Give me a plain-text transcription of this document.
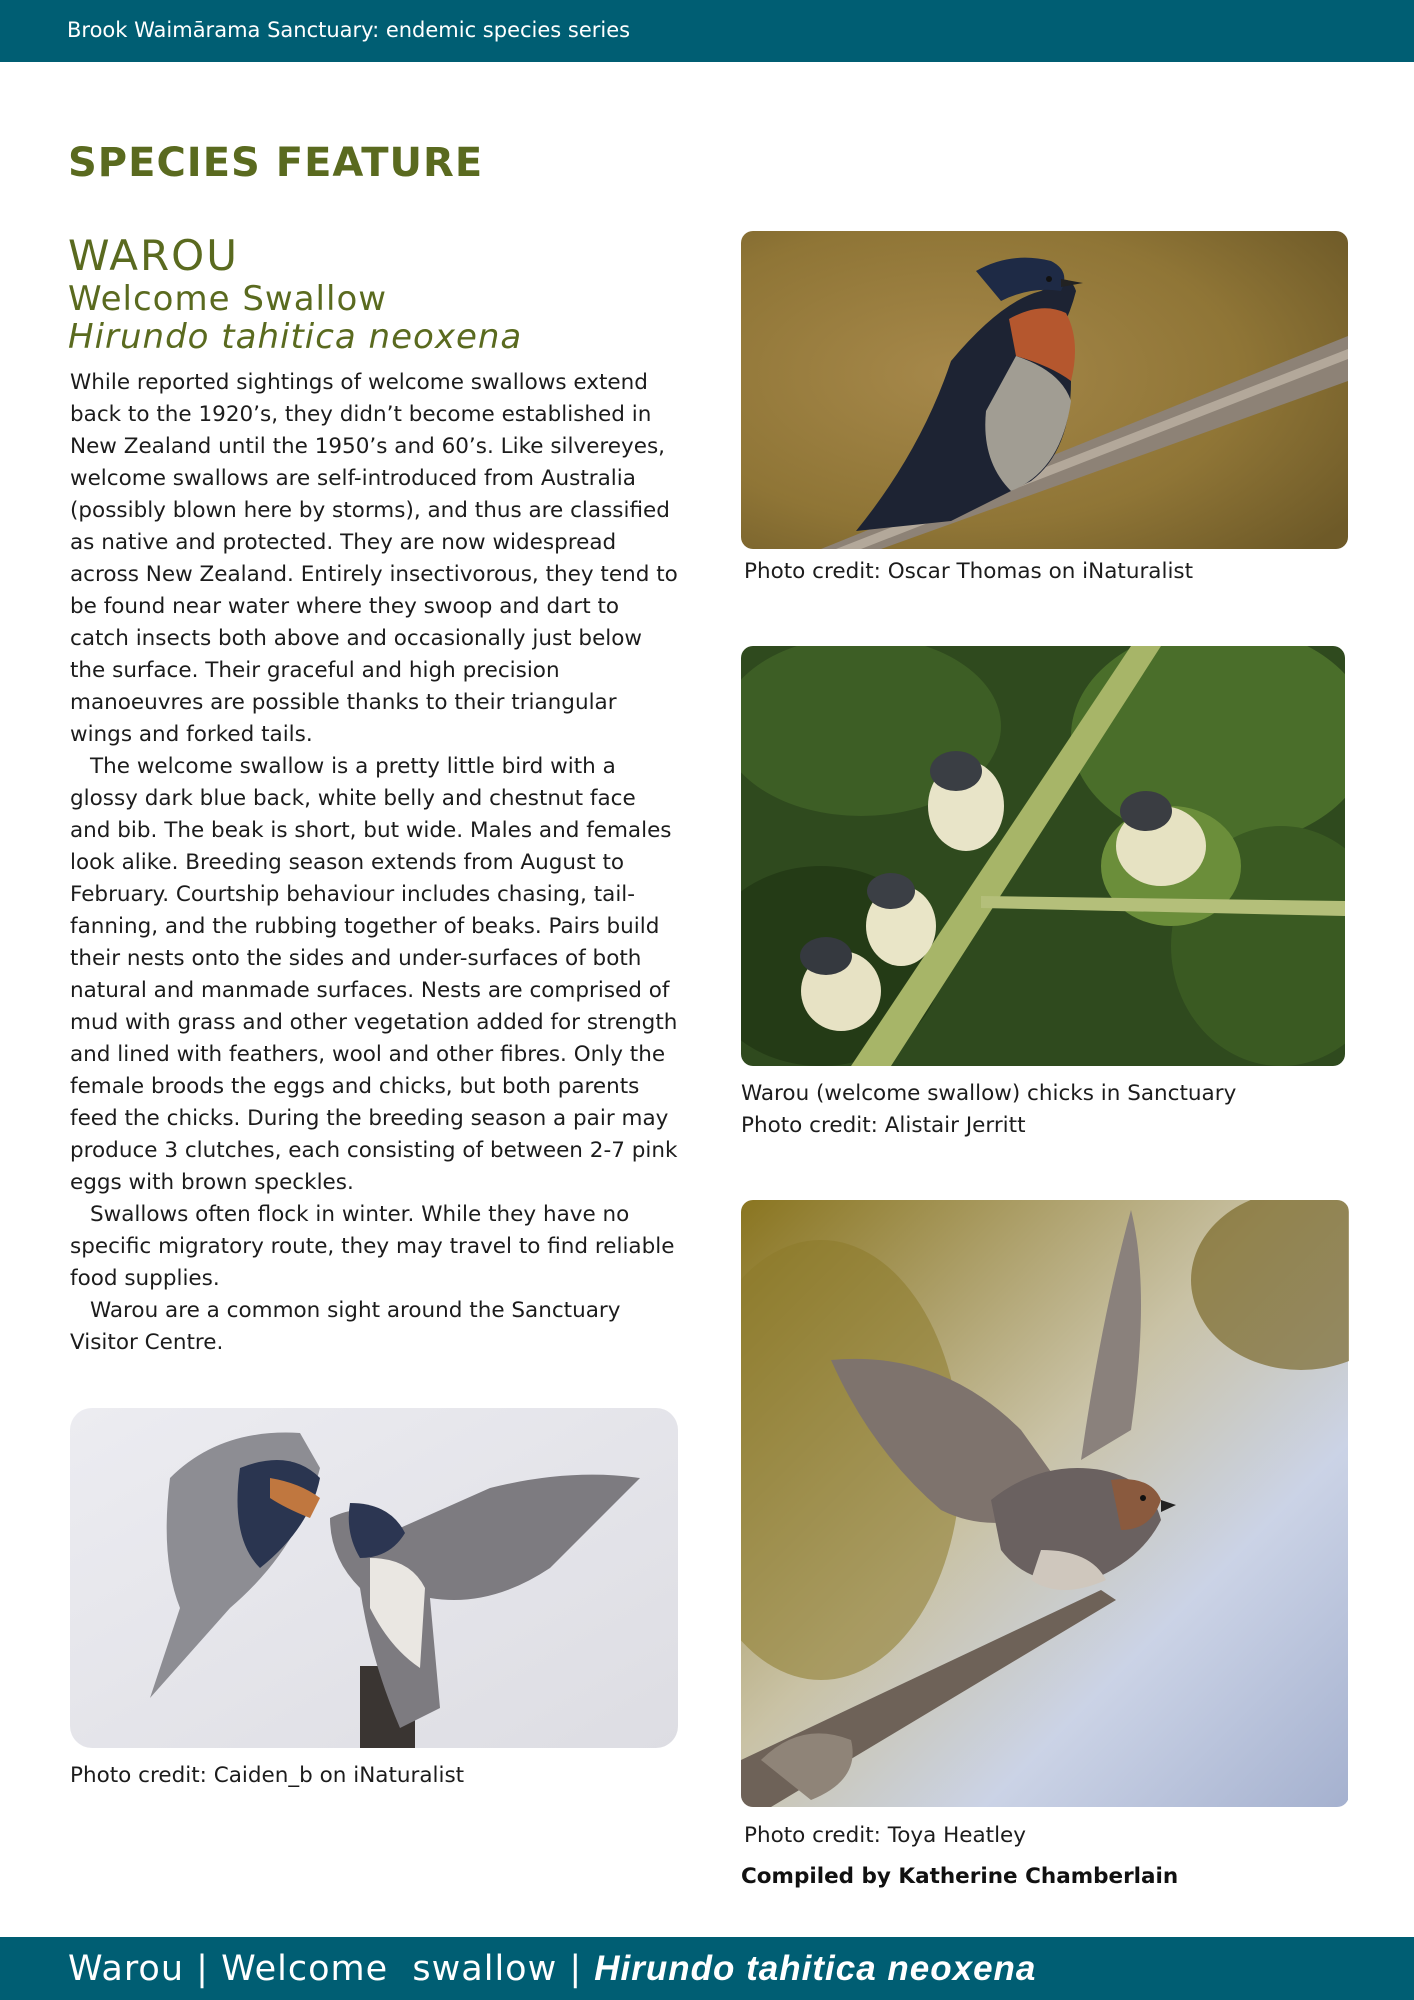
Brook Waimārama Sanctuary: endemic species series
SPECIES FEATURE
WAROU
Welcome Swallow
Hirundo tahitica neoxena

While reported sightings of welcome swallows extend back to the 1920’s, they didn’t become established in New Zealand until the 1950’s and 60’s. Like silvereyes, welcome swallows are self-introduced from Australia (possibly blown here by storms), and thus are classified as native and protected. They are now widespread across New Zealand. Entirely insectivorous, they tend to be found near water where they swoop and dart to catch insects both above and occasionally just below the surface. Their graceful and high precision manoeuvres are possible thanks to their triangular wings and forked tails.

The welcome swallow is a pretty little bird with a glossy dark blue back, white belly and chestnut face and bib. The beak is short, but wide. Males and females look alike. Breeding season extends from August to February. Courtship behaviour includes chasing, tail-fanning, and the rubbing together of beaks. Pairs build their nests onto the sides and under-surfaces of both natural and manmade surfaces. Nests are comprised of mud with grass and other vegetation added for strength and lined with feathers, wool and other fibres. Only the female broods the eggs and chicks, but both parents feed the chicks. During the breeding season a pair may produce 3 clutches, each consisting of between 2-7 pink eggs with brown speckles.

Swallows often flock in winter. While they have no specific migratory route, they may travel to find reliable food supplies.

Warou are a common sight around the Sanctuary Visitor Centre.

Photo credit: Oscar Thomas on iNaturalist
Warou (welcome swallow) chicks in Sanctuary
Photo credit: Alistair Jerritt
Photo credit: Caiden_b on iNaturalist
Photo credit: Toya Heatley
Compiled by Katherine Chamberlain
Warou | Welcome  swallow | Hirundo tahitica neoxena
